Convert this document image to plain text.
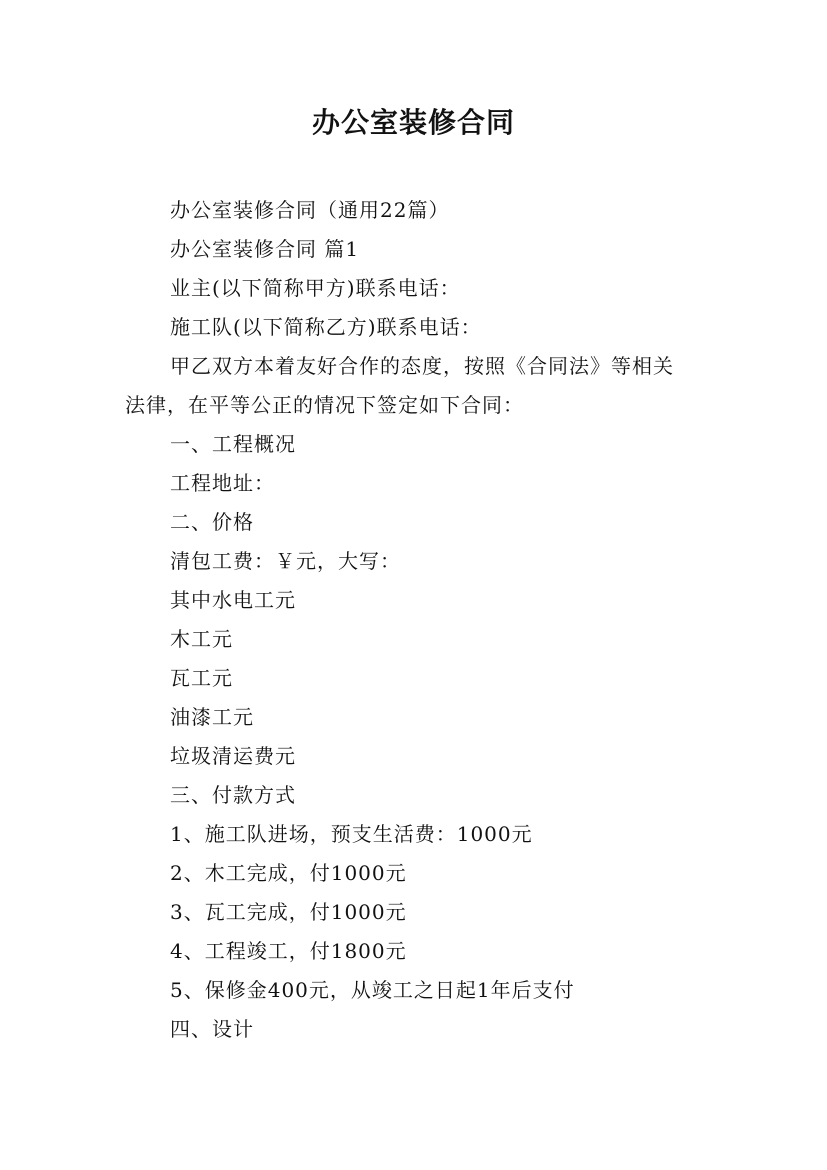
办公室装修合同
办公室装修合同（通用22篇）
办公室装修合同 篇1
业主(以下简称甲方)联系电话：
施工队(以下简称乙方)联系电话：
甲乙双方本着友好合作的态度，按照《合同法》等相关
法律，在平等公正的情况下签定如下合同：
一、工程概况
工程地址：
二、价格
清包工费：￥元，大写：
其中水电工元
木工元
瓦工元
油漆工元
垃圾清运费元
三、付款方式
1、施工队进场，预支生活费：1000元
2、木工完成，付1000元
3、瓦工完成，付1000元
4、工程竣工，付1800元
5、保修金400元，从竣工之日起1年后支付
四、设计
